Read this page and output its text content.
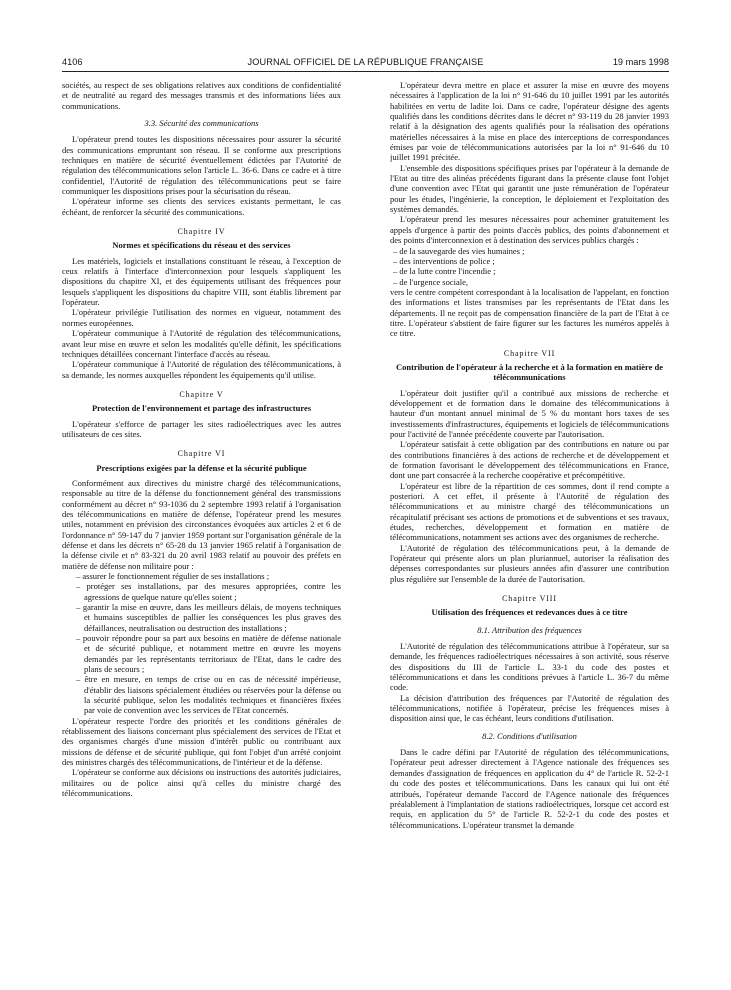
4106	JOURNAL OFFICIEL DE LA RÉPUBLIQUE FRANÇAISE	19 mars 1998

sociétés, au respect de ses obligations relatives aux conditions de confidentialité et de neutralité au regard des messages transmis et des informations liées aux communications.

3.3. Sécurité des communications

L'opérateur prend toutes les dispositions nécessaires pour assurer la sécurité des communications empruntant son réseau. Il se conforme aux prescriptions techniques en matière de sécurité éventuellement édictées par l'Autorité de régulation des télécommunications selon l'article L. 36-6. Dans ce cadre et à titre confidentiel, l'Autorité de régulation des télécommunications peut se faire communiquer les dispositions prises pour la sécurisation du réseau.

L'opérateur informe ses clients des services existants permettant, le cas échéant, de renforcer la sécurité des communications.

Chapitre IV
Normes et spécifications du réseau et des services

Les matériels, logiciels et installations constituant le réseau, à l'exception de ceux relatifs à l'interface d'interconnexion pour lesquels s'appliquent les dispositions du chapitre XI, et des équipements utilisant des fréquences pour lesquels s'appliquent les dispositions du chapitre VIII, sont établis librement par l'opérateur.

L'opérateur privilégie l'utilisation des normes en vigueur, notamment des normes européennes.

L'opérateur communique à l'Autorité de régulation des télécommunications, avant leur mise en œuvre et selon les modalités qu'elle définit, les spécifications techniques détaillées concernant l'interface d'accès au réseau.

L'opérateur communique à l'Autorité de régulation des télécommunications, à sa demande, les normes auxquelles répondent les équipements qu'il utilise.

Chapitre V
Protection de l'environnement et partage des infrastructures

L'opérateur s'efforce de partager les sites radioélectriques avec les autres utilisateurs de ces sites.

Chapitre VI
Prescriptions exigées par la défense et la sécurité publique

Conformément aux directives du ministre chargé des télécommunications, responsable au titre de la défense du fonctionnement général des transmissions conformément au décret n° 93-1036 du 2 septembre 1993 relatif à l'organisation des télécommunications en matière de défense, l'opérateur prend les mesures utiles, notamment en prévision des circonstances évoquées aux articles 2 et 6 de l'ordonnance n° 59-147 du 7 janvier 1959 portant sur l'organisation générale de la défense et dans les décrets n° 65-28 du 13 janvier 1965 relatif à l'organisation de la défense civile et n° 83-321 du 20 avril 1983 relatif au pouvoir des préfets en matière de défense non militaire pour :

– assurer le fonctionnement régulier de ses installations ;
– protéger ses installations, par des mesures appropriées, contre les agressions de quelque nature qu'elles soient ;
– garantir la mise en œuvre, dans les meilleurs délais, de moyens techniques et humains susceptibles de pallier les conséquences les plus graves des défaillances, neutralisation ou destruction des installations ;
– pouvoir répondre pour sa part aux besoins en matière de défense nationale et de sécurité publique, et notamment mettre en œuvre les moyens demandés par les représentants territoriaux de l'Etat, dans le cadre des plans de secours ;
– être en mesure, en temps de crise ou en cas de nécessité impérieuse, d'établir des liaisons spécialement étudiées ou réservées pour la défense ou la sécurité publique, selon les modalités techniques et financières fixées par voie de convention avec les services de l'Etat concernés.

L'opérateur respecte l'ordre des priorités et les conditions générales de rétablissement des liaisons concernant plus spécialement des services de l'Etat et des organismes chargés d'une mission d'intérêt public ou contribuant aux missions de défense et de sécurité publique, qui font l'objet d'un arrêté conjoint des ministres chargés des télécommunications, de l'intérieur et de la défense.

L'opérateur se conforme aux décisions ou instructions des autorités judiciaires, militaires ou de police ainsi qu'à celles du ministre chargé des télécommunications.

L'opérateur devra mettre en place et assurer la mise en œuvre des moyens nécessaires à l'application de la loi n° 91-646 du 10 juillet 1991 par les autorités habilitées en vertu de ladite loi. Dans ce cadre, l'opérateur désigne des agents qualifiés dans les conditions décrites dans le décret n° 93-119 du 28 janvier 1993 relatif à la désignation des agents qualifiés pour la réalisation des opérations matérielles nécessaires à la mise en place des interceptions de correspondances émises par voie de télécommunications autorisées par la loi n° 91-646 du 10 juillet 1991 précitée.

L'ensemble des dispositions spécifiques prises par l'opérateur à la demande de l'Etat au titre des alinéas précédents figurant dans la présente clause font l'objet d'une convention avec l'Etat qui garantit une juste rémunération de l'opérateur pour les études, l'ingénierie, la conception, le déploiement et l'exploitation des systèmes demandés.

L'opérateur prend les mesures nécessaires pour acheminer gratuitement les appels d'urgence à partir des points d'accès publics, des points d'abonnement et des points d'interconnexion et à destination des services publics chargés :

– de la sauvegarde des vies humaines ;
– des interventions de police ;
– de la lutte contre l'incendie ;
– de l'urgence sociale,

vers le centre compétent correspondant à la localisation de l'appelant, en fonction des informations et listes transmises par les représentants de l'Etat dans les départements. Il ne reçoit pas de compensation financière de la part de l'Etat à ce titre. L'opérateur s'abstient de faire figurer sur les factures les numéros appelés à ce titre.

Chapitre VII
Contribution de l'opérateur à la recherche et à la formation en matière de télécommunications

L'opérateur doit justifier qu'il a contribué aux missions de recherche et développement et de formation dans le domaine des télécommunications à hauteur d'un montant annuel minimal de 5 % du montant hors taxes de ses investissements d'infrastructures, équipements et logiciels de télécommunications pour l'activité de l'année précédente couverte par l'autorisation.

L'opérateur satisfait à cette obligation par des contributions en nature ou par des contributions financières à des actions de recherche et de développement et de formation favorisant le développement des télécommunications en France, dont une part consacrée à la recherche coopérative et précompétitive.

L'opérateur est libre de la répartition de ces sommes, dont il rend compte a posteriori. A cet effet, il présente à l'Autorité de régulation des télécommunications et au ministre chargé des télécommunications un récapitulatif précisant ses actions de promotions et de subventions et ses travaux, études, recherches, développement et formation en matière de télécommunications, notamment ses actions avec des organismes de recherche.

L'Autorité de régulation des télécommunications peut, à la demande de l'opérateur qui présente alors un plan pluriannuel, autoriser la réalisation des dépenses correspondantes sur plusieurs années afin d'assurer une contribution plus régulière sur l'ensemble de la durée de l'autorisation.

Chapitre VIII
Utilisation des fréquences et redevances dues à ce titre
8.1. Attribution des fréquences

L'Autorité de régulation des télécommunications attribue à l'opérateur, sur sa demande, les fréquences radioélectriques nécessaires à son activité, sous réserve des dispositions du III de l'article L. 33-1 du code des postes et télécommunications et dans les conditions prévues à l'article L. 36-7 du même code.

La décision d'attribution des fréquences par l'Autorité de régulation des télécommunications, notifiée à l'opérateur, précise les fréquences mises à disposition ainsi que, le cas échéant, leurs conditions d'utilisation.

8.2. Conditions d'utilisation

Dans le cadre défini par l'Autorité de régulation des télécommunications, l'opérateur peut adresser directement à l'Agence nationale des fréquences ses demandes d'assignation de fréquences en application du 4° de l'article R. 52-2-1 du code des postes et télécommunications. Dans les canaux qui lui ont été attribués, l'opérateur demande l'accord de l'Agence nationale des fréquences préalablement à l'implantation de stations radioélectriques, lorsque cet accord est requis, en application du 5° de l'article R. 52-2-1 du code des postes et télécommunications. L'opérateur transmet la demande
